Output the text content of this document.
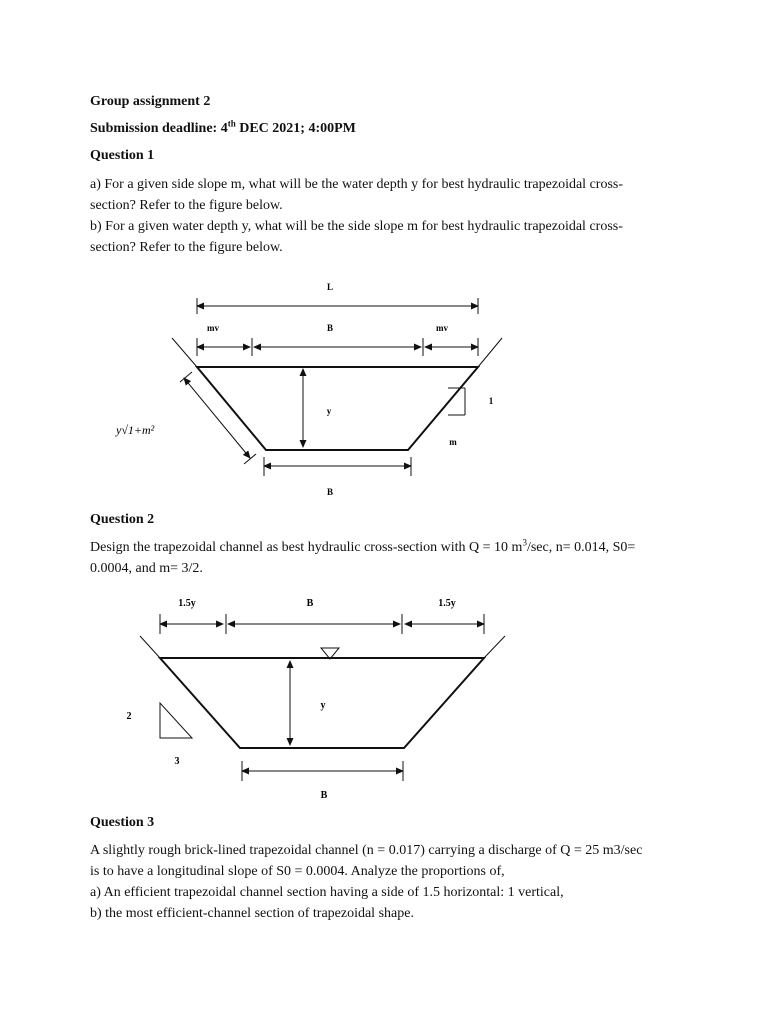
Group assignment 2
Submission deadline: 4th DEC 2021; 4:00PM
Question 1
a) For a given side slope m, what will be the water depth y for best hydraulic trapezoidal cross-
section? Refer to the figure below.
b) For a given water depth y, what will be the side slope m for best hydraulic trapezoidal cross-
section? Refer to the figure below.
L
mv	B	mv
1
y
m
B
y√1+m²
Question 2
Design the trapezoidal channel as best hydraulic cross-section with Q = 10 $m^3/\sec$, n= 0.014, S0=
0.0004, and m= 3/2.
1.5y	B	1.5y
y
2
3
B
Question 3
A slightly rough brick-lined trapezoidal channel (n = 0.017) carrying a discharge of Q = 25 m3/sec
is to have a longitudinal slope of S0 = 0.0004. Analyze the proportions of,
a) An efficient trapezoidal channel section having a side of 1.5 horizontal: 1 vertical,
b) the most efficient-channel section of trapezoidal shape.
